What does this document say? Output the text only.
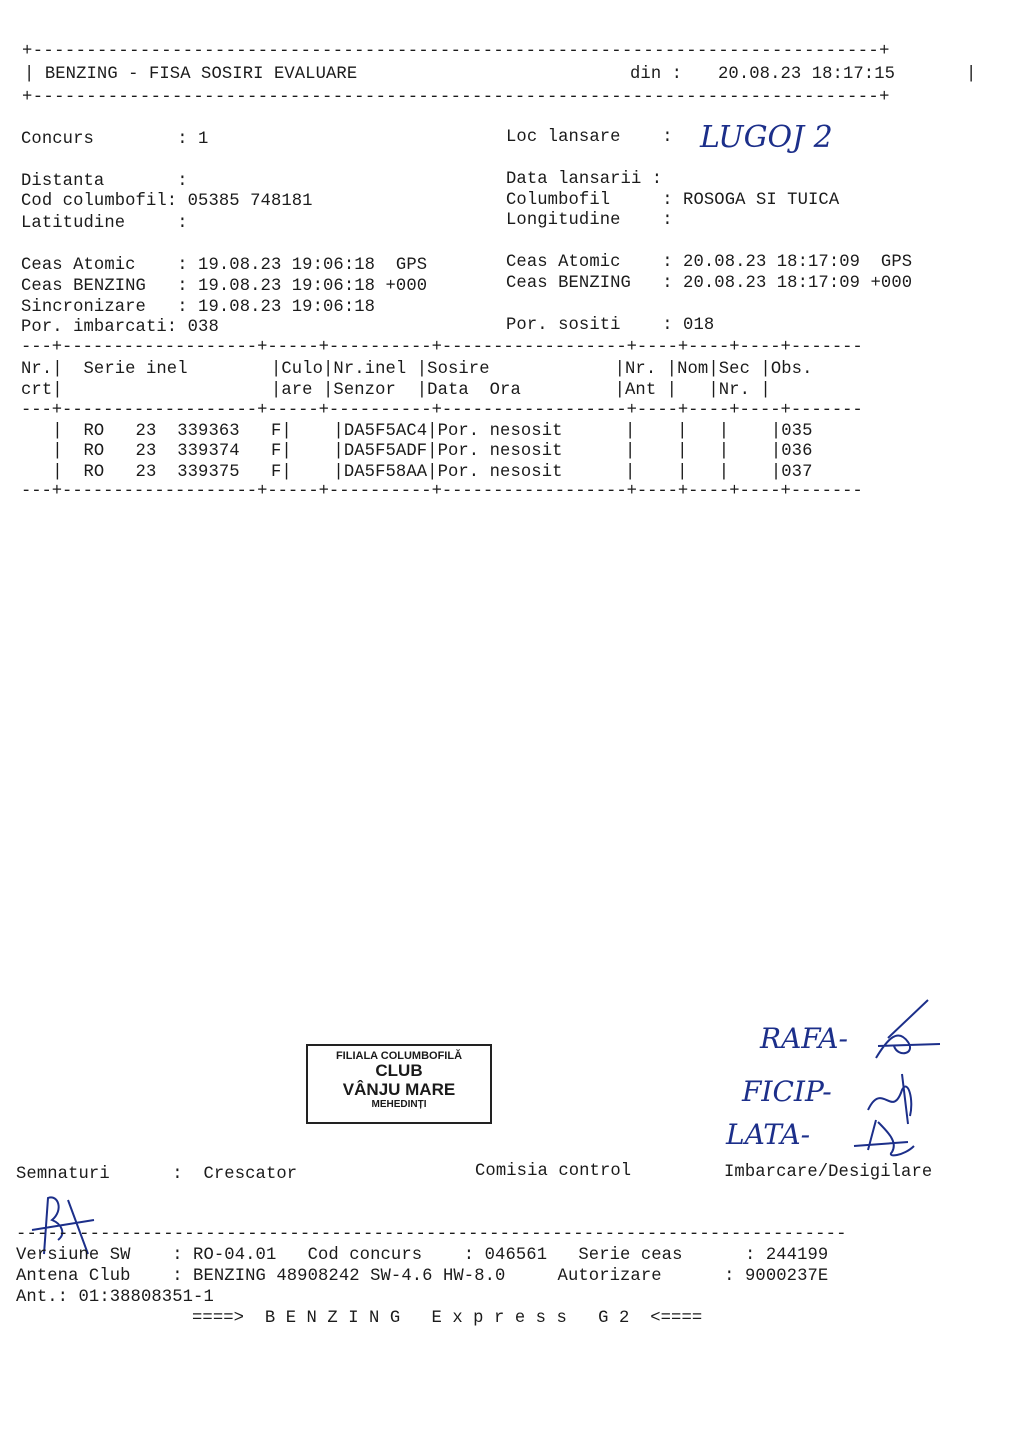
+-------------------------------------------------------------------------------+
| BENZING - FISA SOSIRI EVALUARE	din : 20.08.23 18:17:15	|
+-------------------------------------------------------------------------------+
Concurs        : 1	Loc lansare    : LUGOJ 2
Distanta       :	Data lansarii :
Cod columbofil: 05385 748181	Columbofil     : ROSOGA SI TUICA
Latitudine     :	Longitudine    :
Ceas Atomic    : 19.08.23 19:06:18  GPS	Ceas Atomic    : 20.08.23 18:17:09  GPS
Ceas BENZING   : 19.08.23 19:06:18 +000	Ceas BENZING   : 20.08.23 18:17:09 +000
Sincronizare   : 19.08.23 19:06:18
Por. imbarcati: 038	Por. sositi    : 018
---+-------------------+-----+----------+------------------+----+----+----+-------
Nr.|  Serie inel        |Culo|Nr.inel |Sosire            |Nr. |Nom|Sec |Obs.
crt|                    |are |Senzor  |Data  Ora         |Ant |   |Nr. |
---+-------------------+-----+----------+------------------+----+----+----+-------
|  RO   23  339363   F|    |DA5F5AC4|Por. nesosit      |    |   |    |035
|  RO   23  339374   F|    |DA5F5ADF|Por. nesosit      |    |   |    |036
|  RO   23  339375   F|    |DA5F58AA|Por. nesosit      |    |   |    |037
---+-------------------+-----+----------+------------------+----+----+----+-------
FILIALA COLUMBOFILĂ
CLUB
VÂNJU MARE
MEHEDINȚI
RAFA-
FICIP-
LATA-
Semnaturi      :  Crescator	Comisia control	Imbarcare/Desigilare
-------------------------------------------------------------------------------
Versiune SW    : RO-04.01   Cod concurs    : 046561   Serie ceas      : 244199
Antena Club    : BENZING 48908242 SW-4.6 HW-8.0     Autorizare      : 9000237E
Ant.: 01:38808351-1
====>  B E N Z I N G   E x p r e s s   G 2  <====
